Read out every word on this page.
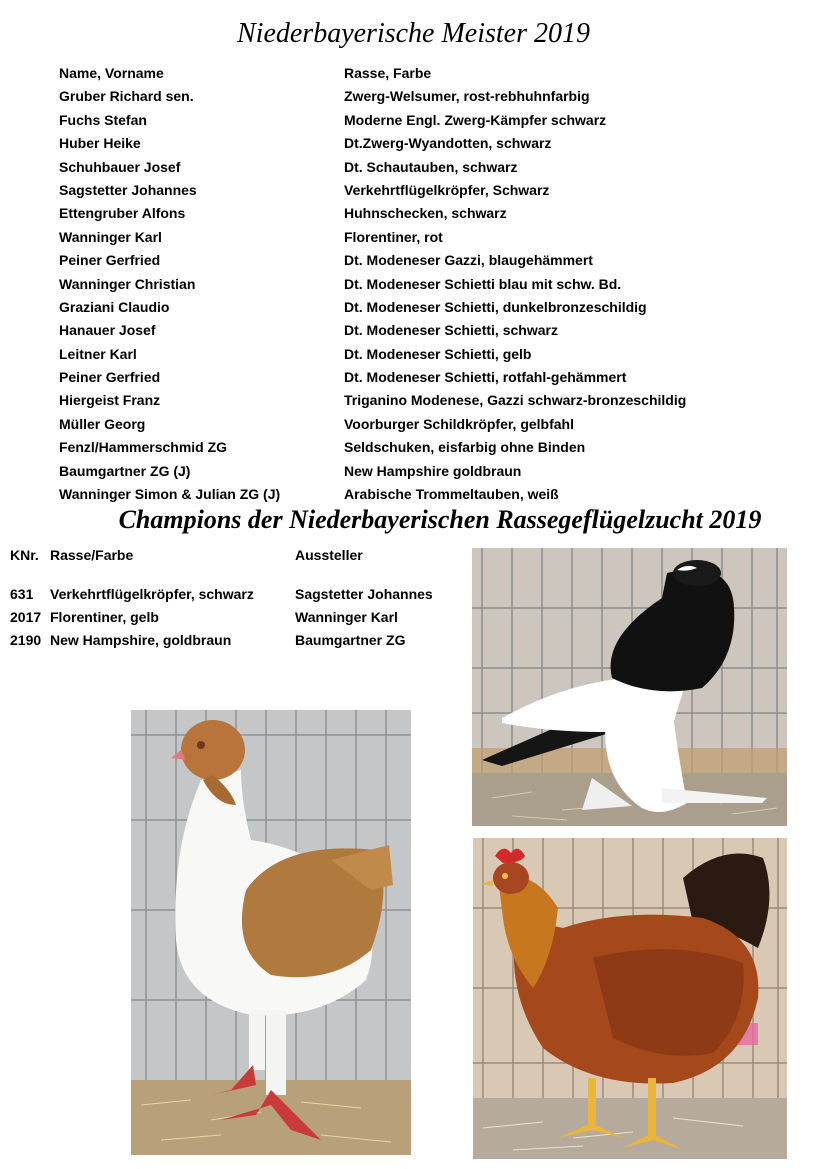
Niederbayerische Meister 2019
Name, Vorname	Rasse, Farbe
Gruber Richard sen.	Zwerg-Welsumer, rost-rebhuhnfarbig
Fuchs Stefan	Moderne Engl. Zwerg-Kämpfer schwarz
Huber Heike	Dt.Zwerg-Wyandotten, schwarz
Schuhbauer Josef	Dt. Schautauben, schwarz
Sagstetter Johannes	Verkehrtflügelkröpfer, Schwarz
Ettengruber Alfons	Huhnschecken, schwarz
Wanninger Karl	Florentiner, rot
Peiner Gerfried	Dt. Modeneser Gazzi, blaugehämmert
Wanninger Christian	Dt. Modeneser Schietti blau mit schw. Bd.
Graziani Claudio	Dt. Modeneser Schietti, dunkelbronzeschildig
Hanauer Josef	Dt. Modeneser Schietti, schwarz
Leitner Karl	Dt. Modeneser Schietti, gelb
Peiner Gerfried	Dt. Modeneser Schietti, rotfahl-gehämmert
Hiergeist Franz	Triganino Modenese, Gazzi schwarz-bronzeschildig
Müller Georg	Voorburger Schildkröpfer, gelbfahl
Fenzl/Hammerschmid ZG	Seldschuken, eisfarbig ohne Binden
Baumgartner ZG (J)	New Hampshire goldbraun
Wanninger Simon & Julian ZG (J)	Arabische Trommeltauben, weiß
Champions der Niederbayerischen Rassegeflügelzucht 2019
KNr. Rasse/Farbe	Aussteller
631 Verkehrtflügelkröpfer, schwarz	Sagstetter Johannes
2017 Florentiner, gelb	Wanninger Karl
2190 New Hampshire, goldbraun	Baumgartner ZG
